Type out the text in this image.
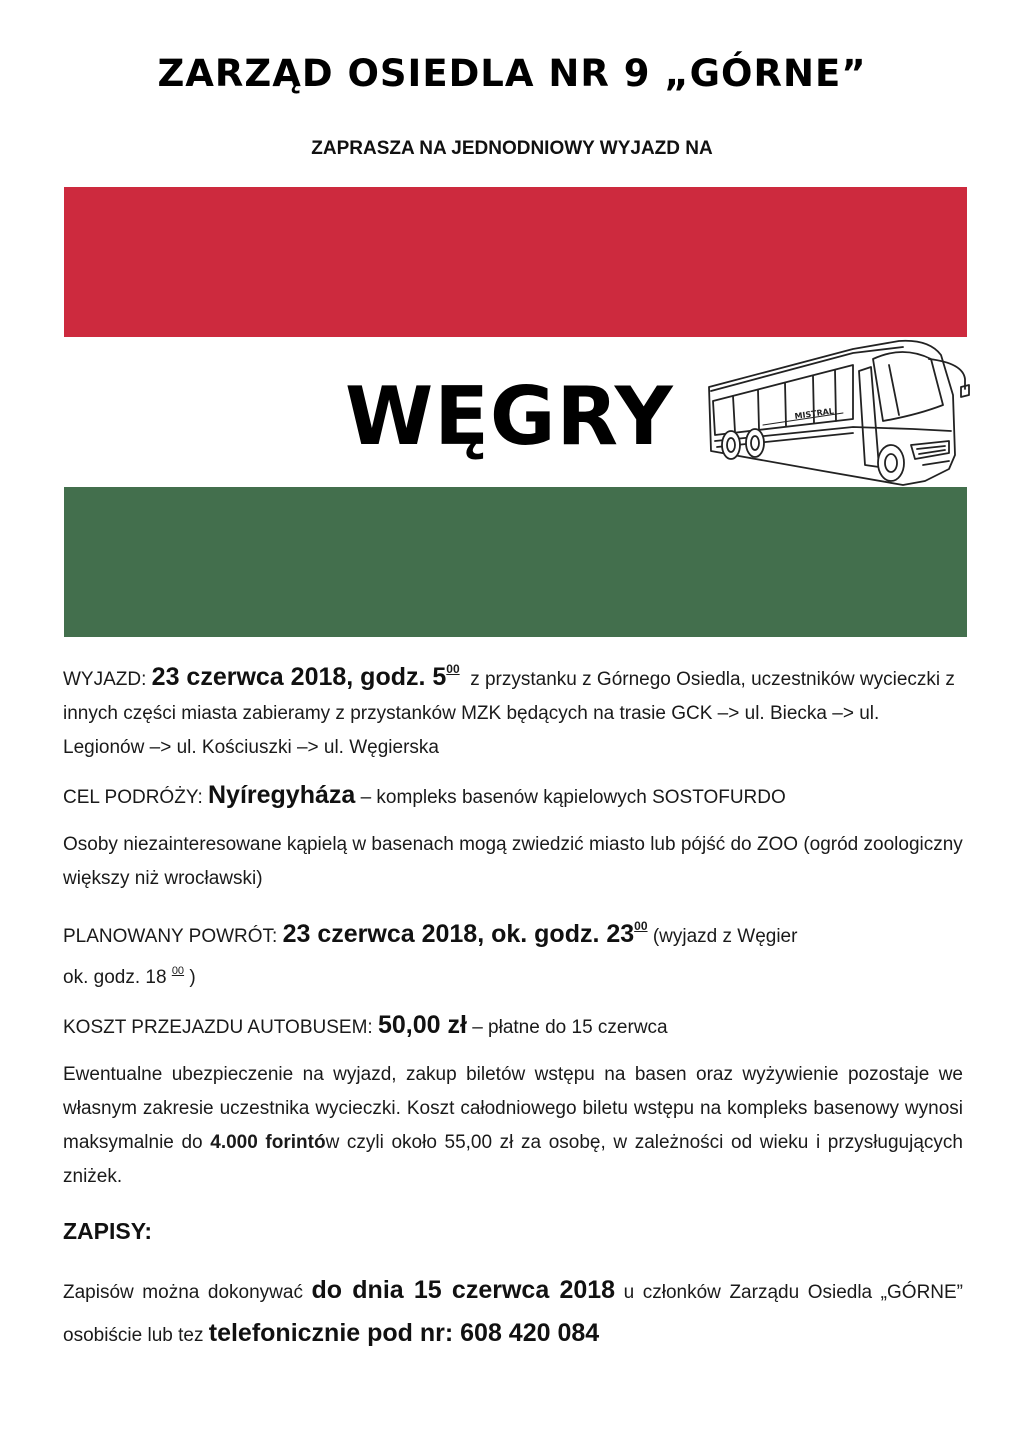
ZARZĄD OSIEDLA NR 9 „GÓRNE”
ZAPRASZA NA JEDNODNIOWY WYJAZD NA
WĘGRY	MISTRAL

WYJAZD: 23 czerwca 2018, godz. $5^{00}$ z przystanku z Górnego Osiedla, uczestników wycieczki z innych części miasta zabieramy z przystanków MZK będących na trasie GCK –> ul. Biecka –> ul. Legionów –> ul. Kościuszki –> ul. Węgierska

CEL PODRÓŻY: Nyíregyháza – kompleks basenów kąpielowych SOSTOFURDO

Osoby niezainteresowane kąpielą w basenach mogą zwiedzić miasto lub pójść do ZOO (ogród zoologiczny większy niż wrocławski)

PLANOWANY POWRÓT: 23 czerwca 2018, ok. godz. $23^{00}$ (wyjazd z Węgier
ok. godz. 18 $^{00}$ )

KOSZT PRZEJAZDU AUTOBUSEM: 50,00 zł – płatne do 15 czerwca

Ewentualne ubezpieczenie na wyjazd, zakup biletów wstępu na basen oraz wyżywienie pozostaje we własnym zakresie uczestnika wycieczki. Koszt całodniowego biletu wstępu na kompleks basenowy wynosi maksymalnie do 4.000 forintów czyli około 55,00 zł za osobę, w zależności od wieku i przysługujących zniżek.

ZAPISY:

Zapisów można dokonywać do dnia 15 czerwca 2018 u członków Zarządu Osiedla „GÓRNE” osobiście lub tez telefonicznie pod nr: 608 420 084
